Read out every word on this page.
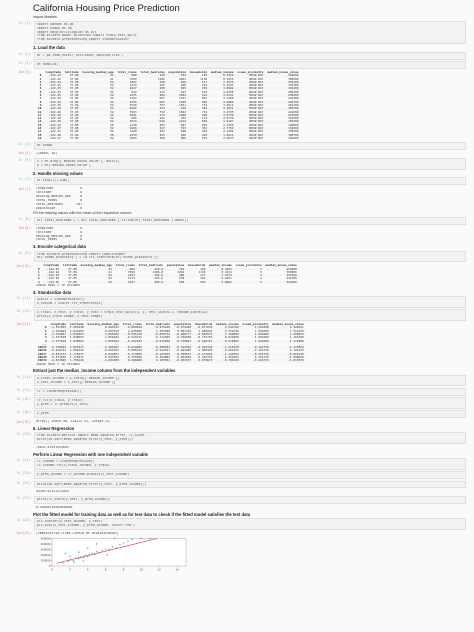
California Housing Price Prediction
Import libraries
In [1]:	import pandas as pd
import numpy as np
import matplotlib.pyplot as plt
from sklearn.model_selection import train_test_split
from sklearn.preprocessing import StandardScaler
1. Load the data
In [2]:	df = pd.read_excel('1553768847_housing.xlsx')
In [3]:	df.head(20)
Out[3]:
		longitude	latitude	housing_median_age	total_rooms	total_bedrooms	population	households	median_income	ocean_proximity	median_house_value
0	-122.23	37.88	41	880	129	322	126	8.3252	NEAR BAY	452600
1	-122.22	37.86	21	7099	1106	2401	1138	8.3014	NEAR BAY	358500
2	-122.24	37.85	52	1467	190	496	177	7.2574	NEAR BAY	352100
3	-122.25	37.85	52	1274	235	558	219	5.6431	NEAR BAY	341300
4	-122.25	37.85	52	1627	280	565	259	3.8462	NEAR BAY	342200
5	-122.25	37.85	52	919	213	413	193	4.0368	NEAR BAY	269700
6	-122.25	37.84	52	2535	489	1094	514	3.6591	NEAR BAY	299200
7	-122.25	37.84	52	3104	687	1157	647	3.1200	NEAR BAY	241400
8	-122.26	37.84	42	2555	665	1206	595	2.0804	NEAR BAY	226700
9	-122.25	37.84	52	3549	707	1551	714	3.6912	NEAR BAY	261100
10	-122.26	37.85	52	2202	434	910	402	3.2031	NEAR BAY	281500
11	-122.26	37.85	52	3503	752	1504	734	3.2705	NEAR BAY	241800
12	-122.26	37.85	52	2491	474	1098	468	3.0750	NEAR BAY	213500
13	-122.26	37.84	52	696	191	345	174	2.6736	NEAR BAY	191300
14	-122.26	37.85	52	2643	626	1212	620	1.9167	NEAR BAY	159200
15	-122.26	37.85	50	1120	283	697	264	2.1250	NEAR BAY	140000
16	-122.27	37.85	52	1966	347	793	331	2.7750	NEAR BAY	152500
17	-122.27	37.85	52	1228	293	648	303	2.1202	NEAR BAY	155500
18	-122.26	37.84	50	2239	455	990	419	1.9911	NEAR BAY	158700
19	-122.27	37.84	52	1503	298	690	275	2.6033	NEAR BAY	162900
In [4]:	df.shape
Out[4]:	(20640, 10)
In [5]:	X = df.drop(['median_house_value'], axis=1)
y = df['median_house_value']
2. Handle missing values
In [7]:	df.isnull().sum()
Out[7]:	longitude              0
latitude               0
housing_median_age     0
total_rooms            0
total_bedrooms       207
population             0
Fill the missing values with the mean of the respective column
In [8]:	df['total_bedrooms'] = df['total_bedrooms'].fillna(df['total_bedrooms'].mean())
Out[8]:	longitude              0
latitude               0
housing_median_age     0
total_rooms            0
3. Encode categorical data
In [9]:	from sklearn.preprocessing import LabelEncoder
df['ocean_proximity'] = le.fit_transform(df['ocean_proximity'])
Out[10]:
		longitude	latitude	housing_median_age	total_rooms	total_bedrooms	population	households	median_income	ocean_proximity	median_house_value
0	-122.23	37.88	41	880	129.0	322	126	8.3252	3	452600
1	-122.22	37.86	21	7099	1106.0	2401	1138	8.3014	3	358500
2	-122.24	37.85	52	1467	190.0	496	177	7.2574	3	352100
3	-122.25	37.85	52	1274	235.0	558	219	5.6431	3	341300
4	-122.25	37.85	52	1627	280.0	565	259	3.8462	3	342200
20640 rows × 10 columns
4. Standardize data
In [11]:	scaler = StandardScaler()
X_scaled = scaler.fit_transform(X)
In [12]:	X_train, X_test, y_train, y_test = train_test_split(X, y, test_size=0.2, random_state=42)
print(X_train.shape, X_test.shape)
Out[13]:
		longitude	latitude	housing_median_age	total_rooms	total_bedrooms	population	households	median_income	ocean_proximity	median_house_value
0	-1.327835	1.052548	0.982143	-0.804819	-0.975228	-0.974429	-0.977033	2.344766	1.291089	2.129631
1	-1.322844	1.043185	-0.607019	2.045890	1.355088	0.861439	1.669961	2.332238	1.291089	1.314156
2	-1.332827	1.038503	1.856182	-0.535746	-0.829732	-0.820777	-0.843637	1.782699	1.291089	1.258693
3	-1.337818	1.038503	1.856182	-0.624215	-0.722399	-0.766028	-0.733781	0.932968	1.291089	1.165100
4	-1.337818	1.038503	1.856182	-0.462404	-0.615066	-0.759847	-0.629157	-0.012881	1.291089	1.172900
...	...	...	...	...	...	...	...	...	...	...
20635	-0.758826	1.801647	-0.289187	-0.444985	-0.388283	-0.512592	-0.443449	-1.216128	-0.116739	-1.115804
20636	-0.818722	1.806329	-0.845393	-0.888704	-0.922521	-0.944405	-1.008420	-0.691593	-0.116739	-1.124470
20637	-0.823713	1.778237	-0.924851	-0.174995	-0.123950	-0.369537	-0.174042	-1.142593	-0.116739	-0.992746
20638	-0.873626	1.778237	-0.845393	-0.355600	-0.304884	-0.604429	-0.393753	-1.054583	-0.116739	-1.058608
20639	-0.833696	1.750146	-1.004309	0.068408	0.185561	-0.033977	0.079672	-0.780129	-0.116739	-1.017878
20640 rows × 10 columns
Extract just the median_income column from the independent variables
In [14]:	X_train_income = X_train[['median_income']]
X_test_income = X_test[['median_income']]
In [15]:	lr = LinearRegression()
In [16]:	lr.fit(X_train, y_train)
y_pred = lr.predict(X_test)
In [18]:	y_pred
Out[18]:	array([ 54055.46, 124225.33, 255489.33, ...
5. Linear Regression
In [20]:	from sklearn.metrics import mean_squared_error, r2_score
print(np.sqrt(mean_squared_error(y_test, y_pred)))
70031.41991955665
Perform Linear Regression with one independent variable
In [24]:	lr_income = LinearRegression()
lr_income.fit(X_train_income, y_train)
In [25]:	y_pred_income = lr_income.predict(X_test_income)
In [26]:	print(np.sqrt(mean_squared_error(y_test, y_pred_income)))
84209.01241414454
In [27]:	print(r2_score(y_test, y_pred_income))
0.45885918903846656
Plot the fitted model for training data as well as for test data to check if the fitted model satisfies the test data
In [28]:	plt.scatter(X_test_income, y_test)
plt.plot(X_test_income, y_pred_income, color='red')
Out[28]:	[<matplotlib.lines.Line2D at 0x1a2b3c4d50>]
0	2	4	6	8	10	12	14
0
100000
200000
300000
400000
500000
